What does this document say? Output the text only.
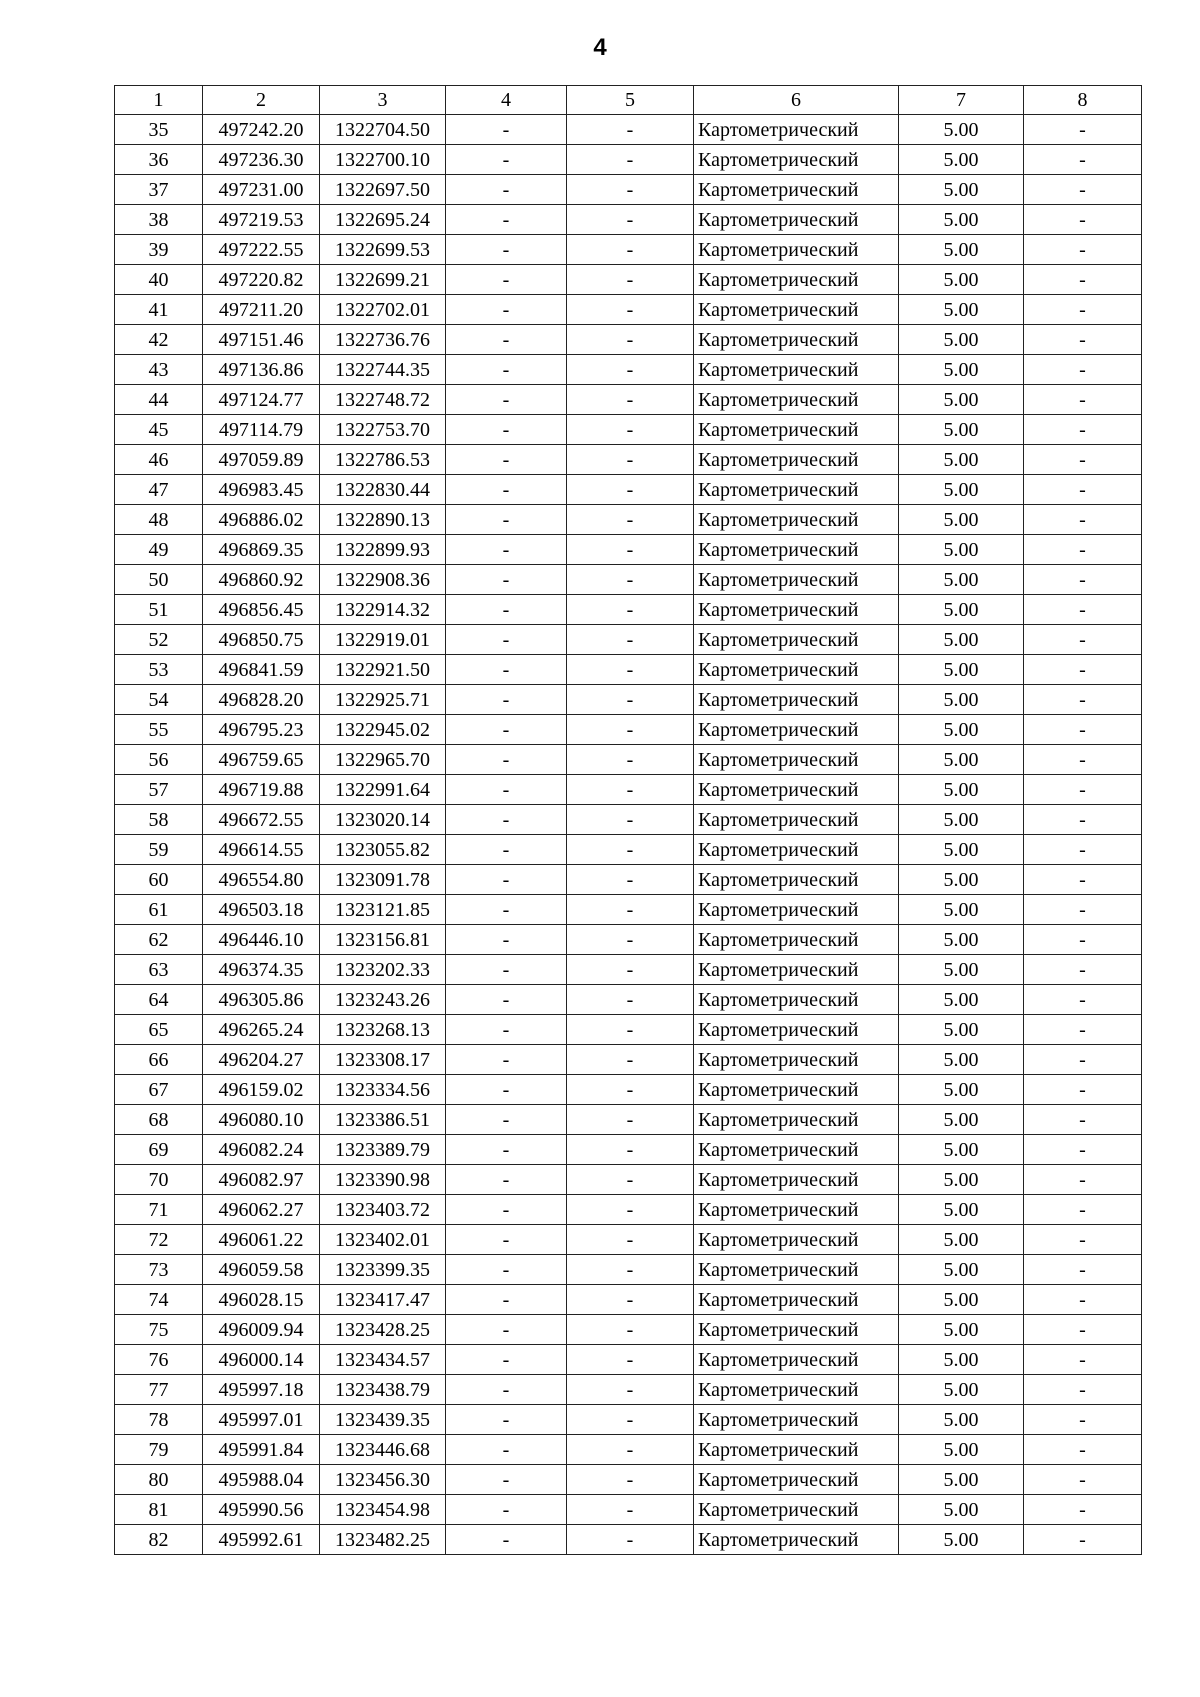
4
1	2	3	4	5	6	7	8
35	497242.20	1322704.50	-	-	Картометрический	5.00	-
36	497236.30	1322700.10	-	-	Картометрический	5.00	-
37	497231.00	1322697.50	-	-	Картометрический	5.00	-
38	497219.53	1322695.24	-	-	Картометрический	5.00	-
39	497222.55	1322699.53	-	-	Картометрический	5.00	-
40	497220.82	1322699.21	-	-	Картометрический	5.00	-
41	497211.20	1322702.01	-	-	Картометрический	5.00	-
42	497151.46	1322736.76	-	-	Картометрический	5.00	-
43	497136.86	1322744.35	-	-	Картометрический	5.00	-
44	497124.77	1322748.72	-	-	Картометрический	5.00	-
45	497114.79	1322753.70	-	-	Картометрический	5.00	-
46	497059.89	1322786.53	-	-	Картометрический	5.00	-
47	496983.45	1322830.44	-	-	Картометрический	5.00	-
48	496886.02	1322890.13	-	-	Картометрический	5.00	-
49	496869.35	1322899.93	-	-	Картометрический	5.00	-
50	496860.92	1322908.36	-	-	Картометрический	5.00	-
51	496856.45	1322914.32	-	-	Картометрический	5.00	-
52	496850.75	1322919.01	-	-	Картометрический	5.00	-
53	496841.59	1322921.50	-	-	Картометрический	5.00	-
54	496828.20	1322925.71	-	-	Картометрический	5.00	-
55	496795.23	1322945.02	-	-	Картометрический	5.00	-
56	496759.65	1322965.70	-	-	Картометрический	5.00	-
57	496719.88	1322991.64	-	-	Картометрический	5.00	-
58	496672.55	1323020.14	-	-	Картометрический	5.00	-
59	496614.55	1323055.82	-	-	Картометрический	5.00	-
60	496554.80	1323091.78	-	-	Картометрический	5.00	-
61	496503.18	1323121.85	-	-	Картометрический	5.00	-
62	496446.10	1323156.81	-	-	Картометрический	5.00	-
63	496374.35	1323202.33	-	-	Картометрический	5.00	-
64	496305.86	1323243.26	-	-	Картометрический	5.00	-
65	496265.24	1323268.13	-	-	Картометрический	5.00	-
66	496204.27	1323308.17	-	-	Картометрический	5.00	-
67	496159.02	1323334.56	-	-	Картометрический	5.00	-
68	496080.10	1323386.51	-	-	Картометрический	5.00	-
69	496082.24	1323389.79	-	-	Картометрический	5.00	-
70	496082.97	1323390.98	-	-	Картометрический	5.00	-
71	496062.27	1323403.72	-	-	Картометрический	5.00	-
72	496061.22	1323402.01	-	-	Картометрический	5.00	-
73	496059.58	1323399.35	-	-	Картометрический	5.00	-
74	496028.15	1323417.47	-	-	Картометрический	5.00	-
75	496009.94	1323428.25	-	-	Картометрический	5.00	-
76	496000.14	1323434.57	-	-	Картометрический	5.00	-
77	495997.18	1323438.79	-	-	Картометрический	5.00	-
78	495997.01	1323439.35	-	-	Картометрический	5.00	-
79	495991.84	1323446.68	-	-	Картометрический	5.00	-
80	495988.04	1323456.30	-	-	Картометрический	5.00	-
81	495990.56	1323454.98	-	-	Картометрический	5.00	-
82	495992.61	1323482.25	-	-	Картометрический	5.00	-
